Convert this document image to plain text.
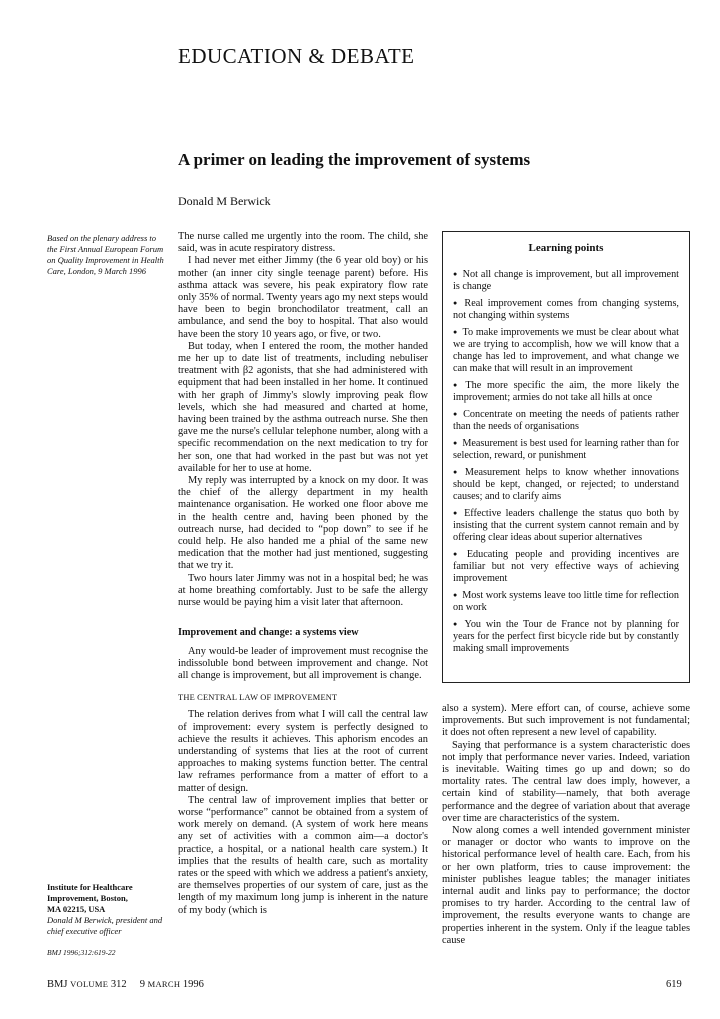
EDUCATION & DEBATE
A primer on leading the improvement of systems
Donald M Berwick
Based on the plenary address to the First Annual European Forum on Quality Improvement in Health Care, London, 9 March 1996
Institute for Healthcare
Improvement, Boston,
MA 02215, USA
Donald M Berwick, president and chief executive officer
BMJ 1996;312:619-22

The nurse called me urgently into the room. The child, she said, was in acute respiratory distress.

I had never met either Jimmy (the 6 year old boy) or his mother (an inner city single teenage parent) before. His asthma attack was severe, his peak expiratory flow rate only 35% of normal. Twenty years ago my next steps would have been to begin bronchodilator treatment, call an ambulance, and send the boy to hospital. That also would have been the story 10 years ago, or five, or two.

But today, when I entered the room, the mother handed me her up to date list of treatments, including nebuliser treatment with β2 agonists, that she had administered with equipment that had been installed in her home. It continued with her graph of Jimmy's slowly improving peak flow levels, which she had measured and charted at home, having been trained by the asthma outreach nurse. She then gave me the nurse's cellular telephone number, along with a specific recommendation on the next medication to try for her son, one that had worked in the past but was not yet available for her to use at home.

My reply was interrupted by a knock on my door. It was the chief of the allergy department in my health maintenance organisation. He worked one floor above me in the health centre and, having been phoned by the outreach nurse, had decided to “pop down” to see if he could help. He also handed me a phial of the same new medication that the mother had just mentioned, suggesting that we try it.

Two hours later Jimmy was not in a hospital bed; he was at home breathing comfortably. Just to be safe the allergy nurse would be paying him a visit later that afternoon.

Improvement and change: a systems view

Any would-be leader of improvement must recognise the indissoluble bond between improvement and change. Not all change is improvement, but all improvement is change.

THE CENTRAL LAW OF IMPROVEMENT

The relation derives from what I will call the central law of improvement: every system is perfectly designed to achieve the results it achieves. This aphorism encodes an understanding of systems that lies at the root of current approaches to making systems function better. The central law reframes performance from a matter of effort to a matter of design.

The central law of improvement implies that better or worse “performance” cannot be obtained from a system of work merely on demand. (A system of work here means any set of activities with a common aim—a doctor's practice, a hospital, or a national health care system.) It implies that the results of health care, such as mortality rates or the speed with which we address a patient's anxiety, are themselves properties of our system of care, just as the length of my maximum long jump is inherent in the nature of my body (which is

Learning points
● Not all change is improvement, but all improvement is change
● Real improvement comes from changing systems, not changing within systems
● To make improvements we must be clear about what we are trying to accomplish, how we will know that a change has led to improvement, and what change we can make that will result in an improvement
● The more specific the aim, the more likely the improvement; armies do not take all hills at once
● Concentrate on meeting the needs of patients rather than the needs of organisations
● Measurement is best used for learning rather than for selection, reward, or punishment
● Measurement helps to know whether innovations should be kept, changed, or rejected; to understand causes; and to clarify aims
● Effective leaders challenge the status quo both by insisting that the current system cannot remain and by offering clear ideas about superior alternatives
● Educating people and providing incentives are familiar but not very effective ways of achieving improvement
● Most work systems leave too little time for reflection on work
● You win the Tour de France not by planning for years for the perfect first bicycle ride but by constantly making small improvements

also a system). Mere effort can, of course, achieve some improvements. But such improvement is not fundamental; it does not often represent a new level of capability.

Saying that performance is a system characteristic does not imply that performance never varies. Indeed, variation is inevitable. Waiting times go up and down; so do mortality rates. The central law does imply, however, a certain kind of stability—namely, that both average performance and the degree of variation about that average over time are characteristics of the system.

Now along comes a well intended government minister or manager or doctor who wants to improve on the historical performance level of health care. Each, from his or her own platform, tries to cause improvement: the minister publishes league tables; the manager initiates internal audit and links pay to performance; the doctor promises to try harder. According to the central law of improvement, the results everyone wants to change are properties inherent in the system. Only if the league tables cause

BMJ VOLUME 312 9 MARCH 1996	619
